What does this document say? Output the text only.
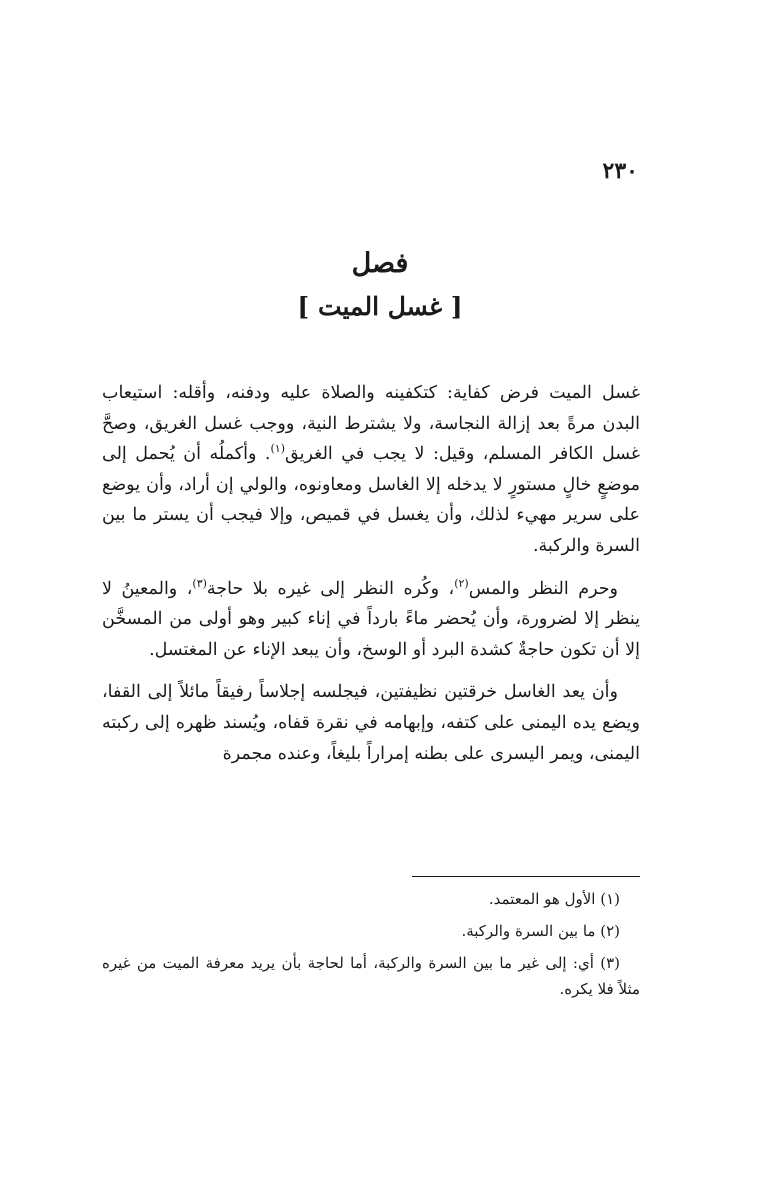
٢٣٠
فصل
[ غسل الميت ]

غسل الميت فرض كفاية: كتكفينه والصلاة عليه ودفنه، وأقله: استيعاب البدن مرةً بعد إزالة النجاسة، ولا يشترط النية، ووجب غسل الغريق، وصحَّ غسل الكافر المسلم، وقيل: لا يجب في الغريق$^{(١)}$. وأكملُه أن يُحمل إلى موضعٍ خالٍ مستورٍ لا يدخله إلا الغاسل ومعاونوه، والولي إن أراد، وأن يوضع على سرير مهيء لذلك، وأن يغسل في قميص، وإلا فيجب أن يستر ما بين السرة والركبة.

وحرم النظر والمس$^{(٢)}$، وكُره النظر إلى غيره بلا حاجة$^{(٣)}$، والمعينُ لا ينظر إلا لضرورة، وأن يُحضر ماءً بارداً في إناء كبير وهو أولى من المسخَّن إلا أن تكون حاجةٌ كشدة البرد أو الوسخ، وأن يبعد الإناء عن المغتسل.

وأن يعد الغاسل خرقتين نظيفتين، فيجلسه إجلاساً رفيقاً مائلاً إلى القفا، ويضع يده اليمنى على كتفه، وإبهامه في نقرة قفاه، ويُسند ظهره إلى ركبته اليمنى، ويمر اليسرى على بطنه إمراراً بليغاً، وعنده مجمرة

(١) الأول هو المعتمد.

(٢) ما بين السرة والركبة.

(٣) أي: إلى غير ما بين السرة والركبة، أما لحاجة بأن يريد معرفة الميت من غيره مثلاً فلا يكره.
